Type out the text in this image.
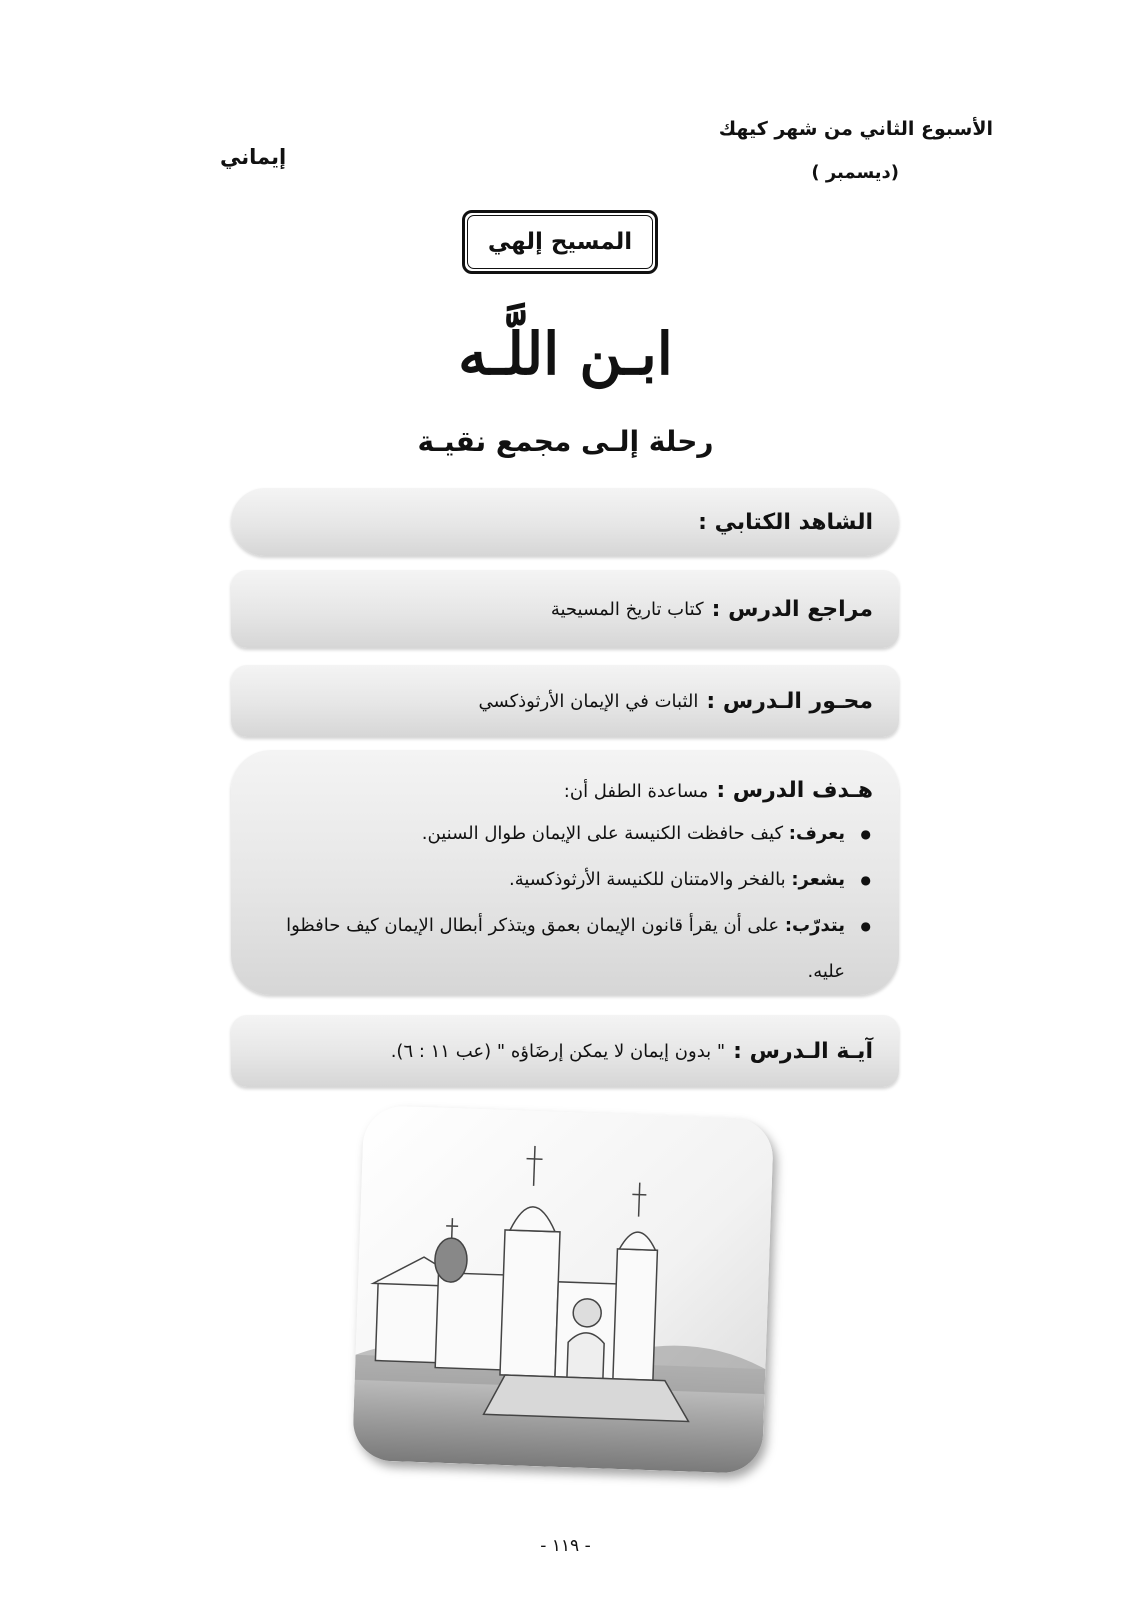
الأسبوع الثاني من شهر كيهك
(ديسمبر )
إيماني
المسيح إلهي
ابـن اللَّـه
رحلة إلـى مجمع نقيـة
الشاهد الكتابي :
مراجع الدرس :
كتاب تاريخ المسيحية
محـور الـدرس :
الثبات في الإيمان الأرثوذكسي
هـدف الدرس :
مساعدة الطفل أن:
● يعرف: كيف حافظت الكنيسة على الإيمان طوال السنين.
● يشعر: بالفخر والامتنان للكنيسة الأرثوذكسية.
● يتدرّب: على أن يقرأ قانون الإيمان بعمق ويتذكر أبطال الإيمان كيف حافظوا عليه.
آيـة الـدرس :
" بدون إيمان لا يمكن إرضَاؤه " (عب ١١ : ٦).
- ١١٩ -
